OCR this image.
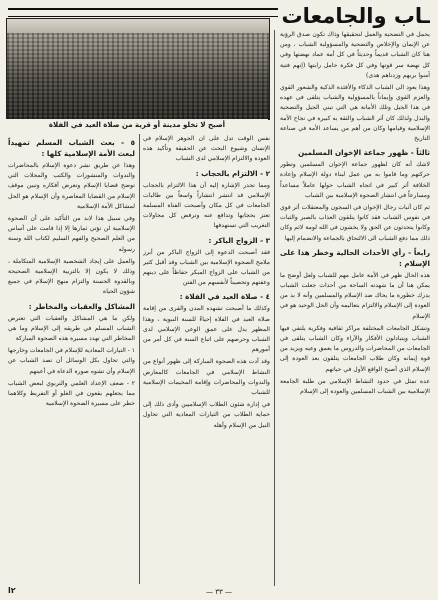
ـاب والجامعات
أصبح لا تخلو مدينة أو قرية من صلاة العيد في الفلاة

يحمل في التضحية والعمل لتحقيقها وذاك تكون صدق الرؤية عن الإيمان والإخلاص والتضحية والمسؤولية الشباب ، ومن هنا كان الشباب قديماً وحديثاً في كل أمة عماد نهضتها وفي كل نهضة سر قوتها وفي كل فكرة حامل رايتها (إنهم فتية آمنوا بربهم وزدناهم هدى)

وهذا يعود الى الشباب الذكاء والأفئدة الذكية والشعور القوي والعزم القوي وإيماناً بالمسؤولية والشباب يتلقى في عهده في هذا الجيل وتلك الأمانة هي التي تبني الجيل والتضحية والبذل ولذلك كان أثر الشباب والثقة به كبيرة في نجاح الأمة الإسلامية وقيامها وكان من أهم من يساعد الأمة في صناعة التاريخ

ثالثاً - ظهور جماعة الإخوان المسلمين

لاشك أنه كان لظهور جماعة الإخوان المسلمين وتطور حركتهم وما قاموا به من عمل لبناء دولة الإسلام وإعادة الخلافة أثر كبير في اتجاه الشباب حولها عاملاً مساعداً ومسارعاً في انتشار الصحوة الإسلامية بين الشباب

ثم كان أثبات رجال الإخوان في السجون والمعتقلات أثر قوي في نفوس الشباب فقد كانوا يتلقون العذاب بالصبر والثبات وكانوا يتحدثون عن الحق ولا يخشون في الله لومة لائم وكان ذلك مما دفع الشباب الى الالتحاق بالجماعة والانضمام إليها

رابعاً - رأي الأحداث الحالية وخطر هذا على الإسلام :

هذه الحال ظهر في الأمة عامل مهم للشباب ولعل أوضح ما يمكن هنا أن ما شهدته الساحة من أحداث جعلت الشباب يدرك خطورة ما يحاك ضد الإسلام والمسلمين وأنه لا بد من العودة إلى الإسلام والالتزام بتعاليمه وأن الحل الوحيد هو في الإسلام

وتشكل الجامعات المختلفة مراكز ثقافية وفكرية يلتقي فيها الشباب ويتبادلون الأفكار والآراء وكان الشباب يتلقى في الجامعات من المحاضرات والدروس ما يعمق وعيه ويزيد من قوة إيمانه وكان طلاب الجامعات يتلقون بعد العودة إلى الإسلام الذي أصبح الواقع الأول في حياتهم

عدة تمثل في حدود النشاط الإسلامي من طلبة الجامعة الإسلامية بين الشباب المسلمين والعودة إلى الإسلام

نفس الوقت تدل على ان الجوهر الإسلام في الإنسان وشيوع البحث عن الحقيقة وتأكيد هذه العودة والالتزام الإسلامي لدى الشباب

٢ - الالتزام بالحجاب :

ومما تجدر الإشارة إليه أن هذا الالتزام بالحجاب الإسلامي قد انتشر انتشاراً واسعاً بين طالبات الجامعات في كل مكان وأصبحت الفتاة المسلمة تعتز بحجابها وتدافع عنه وترفض كل محاولات التغريب التي تستهدفها

٣ - الزواج الباكر :

فقد أصبحت الدعوة إلى الزواج الباكر من أبرز ملامح الصحوة الإسلامية بين الشباب وقد أقبل كثير من الشباب على الزواج المبكر حفاظاً على دينهم وعفتهم وتحصيناً لأنفسهم من الفتن

٤ - صلاة العيد في الفلاة :

وكذلك ما أصبحت تشهده المدن والقرى من إقامة صلاة العيد في الفلاة إحياءً للسنة النبوية ، وهذا المظهر يدل على عمق الوعي الإسلامي لدى الشباب وحرصهم على اتباع السنة في كل أمر من أمورهم

وقد أدت هذه الصحوة المباركة إلى ظهور أنواع من النشاط الإسلامي في الجامعات كالمعارض والندوات والمحاضرات وإقامة المخيمات الإسلامية للشباب

في إدارة شئون الطلاب الإسلاميين وأدى ذلك إلى حماية الطلاب من التيارات المعادية التي تحاول النيل من الإسلام وأهله

٥ - بعث الشباب المسلم تمهيداً لبعث الأمة الإسلامية كلها :

وهذا عن طريق نشر دعوة الإسلام بالمحاضرات والندوات والمنشورات والكتب والمجلات التي توضح قضايا الإسلام وتعرض أفكاره وتبين موقف الإسلام من القضايا المعاصرة وأن الإسلام هو الحل لمشاكل الأمة الإسلامية

وفي سبيل هذا لابد من التأكيد على أن الصحوة الإسلامية لن تؤتي ثمارها إلا إذا قامت على أساس من العلم الصحيح والفهم السليم لكتاب الله وسنة رسوله

والعمل على إيجاد الشخصية الإسلامية المتكاملة ، وذلك لا يكون إلا بالتربية الإسلامية الصحيحة وبالقدوة الحسنة والتزام منهج الإسلام في جميع شؤون الحياة

المشاكل والعقبات والمخاطر :

ولكن ما هي المشاكل والعقبات التي تعترض الشباب المسلم في طريقه إلى الإسلام وما هي المخاطر التي تهدد مسيرة هذه الصحوة المباركة

١ - التيارات المعادية للإسلام في الجامعات وخارجها والتي تحاول بكل الوسائل أن تصد الشباب عن الإسلام وأن تشوه صورة الدعاة في أعينهم

٢ - ضعف الإعداد العلمي والتربوي لبعض الشباب مما يجعلهم يقعون في الغلو أو التفريط وكلاهما خطر على مسيرة الصحوة الإسلامية

— ٣٣ —
٢ا
